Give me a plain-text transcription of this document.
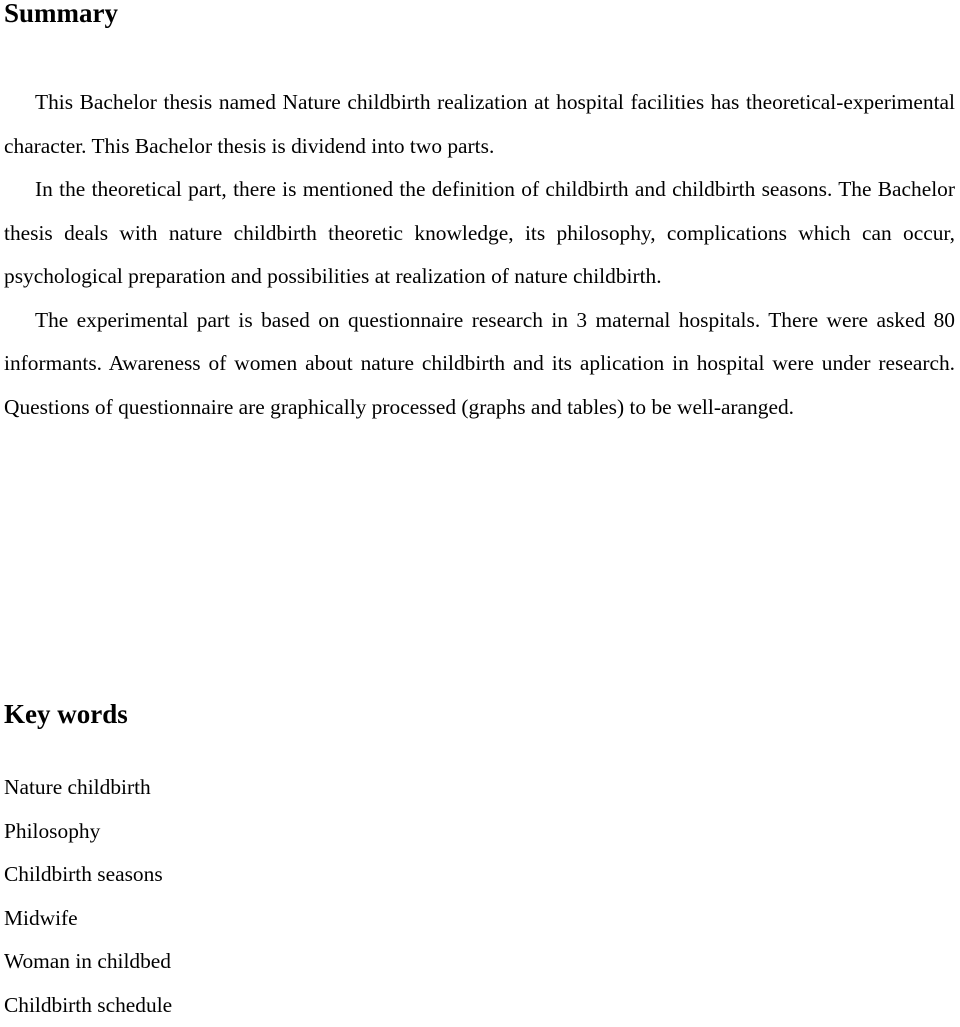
Summary

This Bachelor thesis named Nature childbirth realization at hospital facilities has theoretical-experimental character. This Bachelor thesis is dividend into two parts.

In the theoretical part, there is mentioned the definition of childbirth and childbirth seasons. The Bachelor thesis deals with nature childbirth theoretic knowledge, its philosophy, complications which can occur, psychological preparation and possibilities at realization of nature childbirth.

The experimental part is based on questionnaire research in 3 maternal hospitals. There were asked 80 informants. Awareness of women about nature childbirth and its aplication in hospital were under research. Questions of questionnaire are graphically processed (graphs and tables) to be well-aranged.

Key words
Nature childbirth
Philosophy
Childbirth seasons
Midwife
Woman in childbed
Childbirth schedule
